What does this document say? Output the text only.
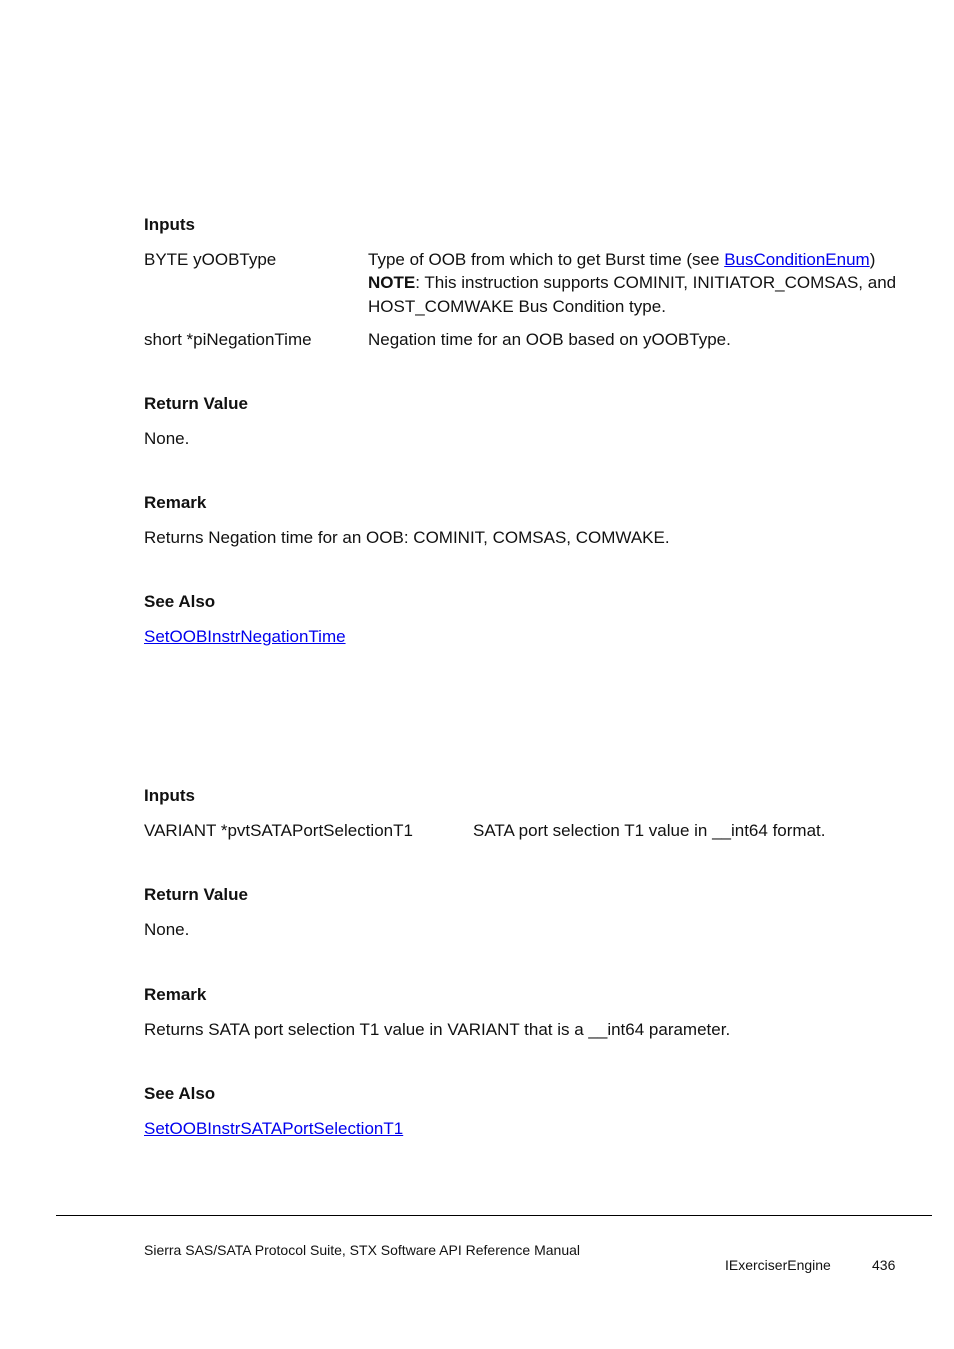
Inputs
BYTE yOOBType	Type of OOB from which to get Burst time (see BusConditionEnum)
NOTE: This instruction supports COMINIT, INITIATOR_COMSAS, and
HOST_COMWAKE Bus Condition type.
short *piNegationTime	Negation time for an OOB based on yOOBType.
Return Value
None.
Remark
Returns Negation time for an OOB: COMINIT, COMSAS, COMWAKE.
See Also
SetOOBInstrNegationTime
Inputs
VARIANT *pvtSATAPortSelectionT1	SATA port selection T1 value in __int64 format.
Return Value
None.
Remark
Returns SATA port selection T1 value in VARIANT that is a __int64 parameter.
See Also
SetOOBInstrSATAPortSelectionT1
Sierra SAS/SATA Protocol Suite, STX Software API Reference Manual
IExerciserEngine	436
